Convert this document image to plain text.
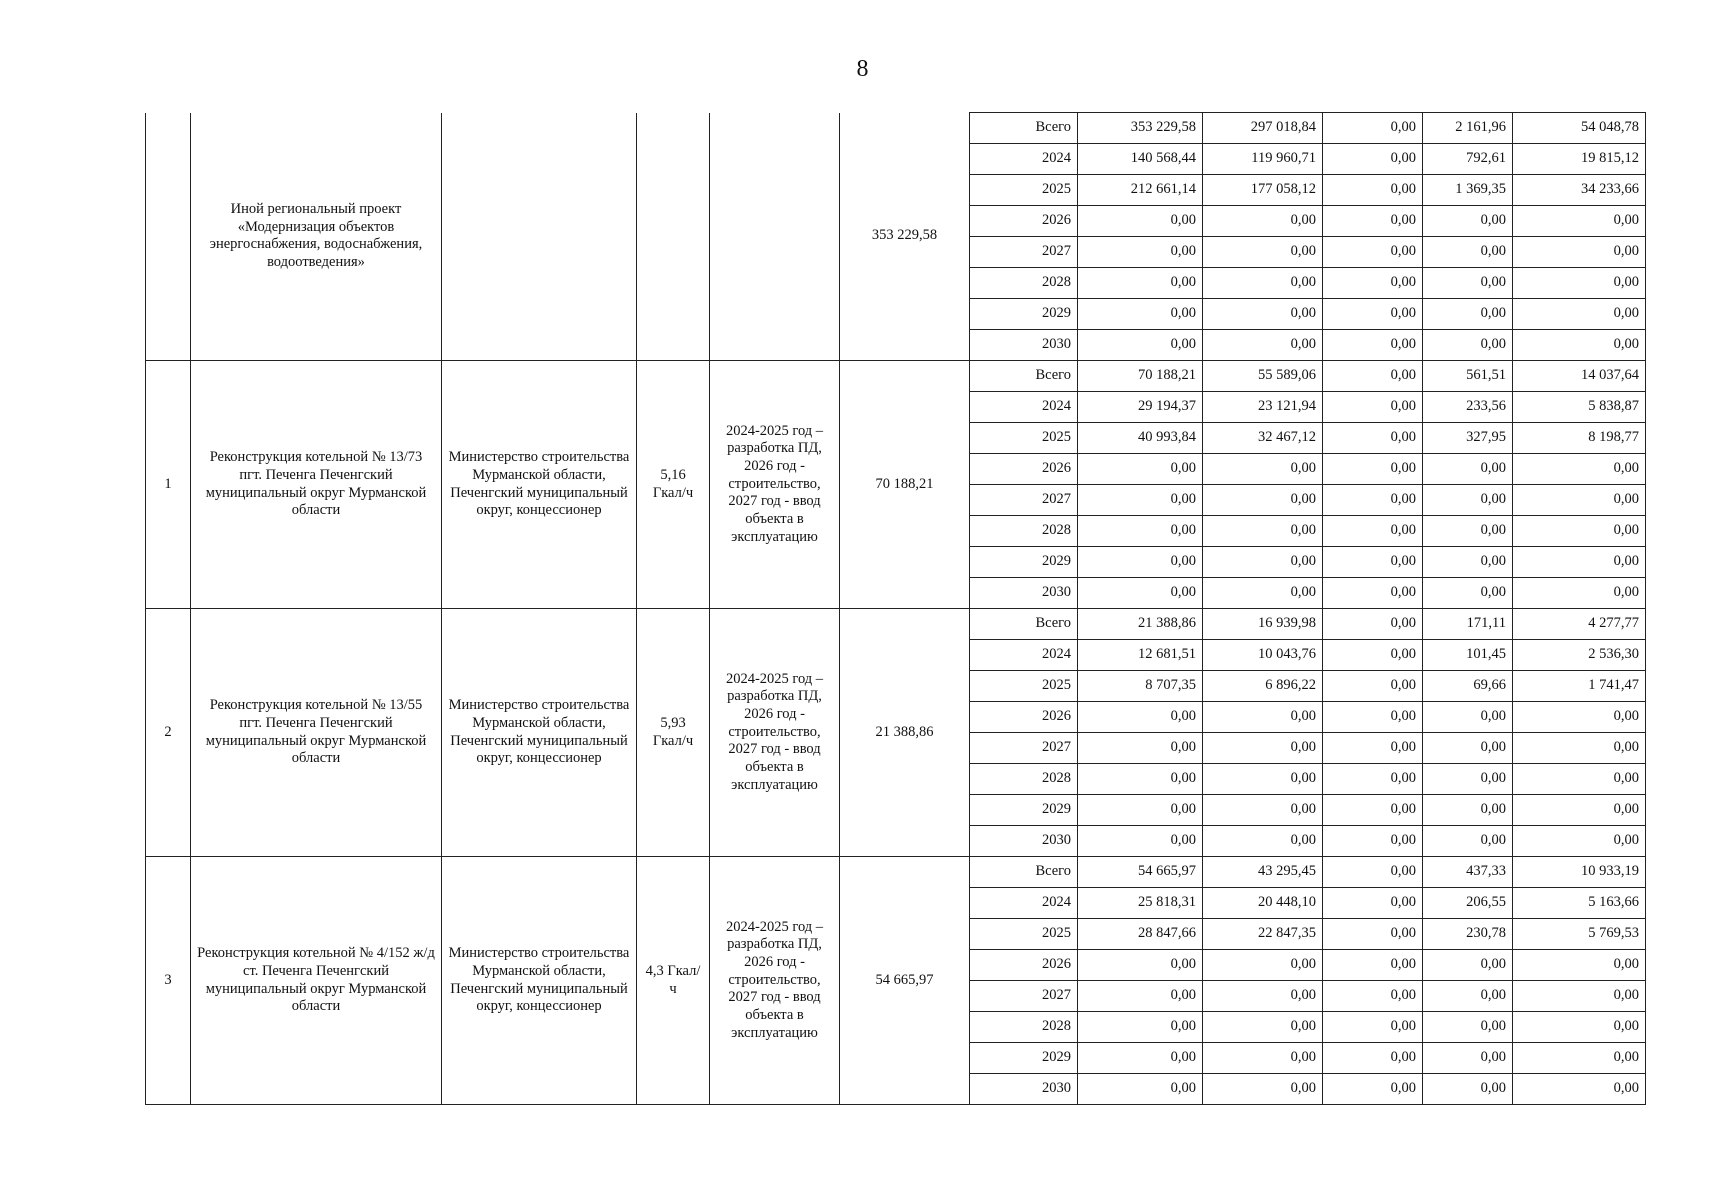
8
	Иной региональный проект «Модернизация объектов энергоснабжения, водоснабжения, водоотведения»				353 229,58	Всего	353 229,58	297 018,84	0,00	2 161,96	54 048,78
						2024	140 568,44	119 960,71	0,00	792,61	19 815,12
						2025	212 661,14	177 058,12	0,00	1 369,35	34 233,66
						2026	0,00	0,00	0,00	0,00	0,00
						2027	0,00	0,00	0,00	0,00	0,00
						2028	0,00	0,00	0,00	0,00	0,00
						2029	0,00	0,00	0,00	0,00	0,00
						2030	0,00	0,00	0,00	0,00	0,00
1	Реконструкция котельной № 13/73 пгт. Печенга Печенгский муниципальный округ Мурманской области	Министерство строительства Мурманской области, Печенгский муниципальный округ, концессионер	5,16 Гкал/ч	2024-2025 год – разработка ПД, 2026 год - строительство, 2027 год - ввод объекта в эксплуатацию	70 188,21	Всего	70 188,21	55 589,06	0,00	561,51	14 037,64
						2024	29 194,37	23 121,94	0,00	233,56	5 838,87
						2025	40 993,84	32 467,12	0,00	327,95	8 198,77
						2026	0,00	0,00	0,00	0,00	0,00
						2027	0,00	0,00	0,00	0,00	0,00
						2028	0,00	0,00	0,00	0,00	0,00
						2029	0,00	0,00	0,00	0,00	0,00
						2030	0,00	0,00	0,00	0,00	0,00
2	Реконструкция котельной № 13/55 пгт. Печенга Печенгский муниципальный округ Мурманской области	Министерство строительства Мурманской области, Печенгский муниципальный округ, концессионер	5,93 Гкал/ч	2024-2025 год – разработка ПД, 2026 год - строительство, 2027 год - ввод объекта в эксплуатацию	21 388,86	Всего	21 388,86	16 939,98	0,00	171,11	4 277,77
						2024	12 681,51	10 043,76	0,00	101,45	2 536,30
						2025	8 707,35	6 896,22	0,00	69,66	1 741,47
						2026	0,00	0,00	0,00	0,00	0,00
						2027	0,00	0,00	0,00	0,00	0,00
						2028	0,00	0,00	0,00	0,00	0,00
						2029	0,00	0,00	0,00	0,00	0,00
						2030	0,00	0,00	0,00	0,00	0,00
3	Реконструкция котельной № 4/152 ж/д ст. Печенга Печенгский муниципальный округ Мурманской области	Министерство строительства Мурманской области, Печенгский муниципальный округ, концессионер	4,3 Гкал/ч	2024-2025 год – разработка ПД, 2026 год - строительство, 2027 год - ввод объекта в эксплуатацию	54 665,97	Всего	54 665,97	43 295,45	0,00	437,33	10 933,19
						2024	25 818,31	20 448,10	0,00	206,55	5 163,66
						2025	28 847,66	22 847,35	0,00	230,78	5 769,53
						2026	0,00	0,00	0,00	0,00	0,00
						2027	0,00	0,00	0,00	0,00	0,00
						2028	0,00	0,00	0,00	0,00	0,00
						2029	0,00	0,00	0,00	0,00	0,00
						2030	0,00	0,00	0,00	0,00	0,00
